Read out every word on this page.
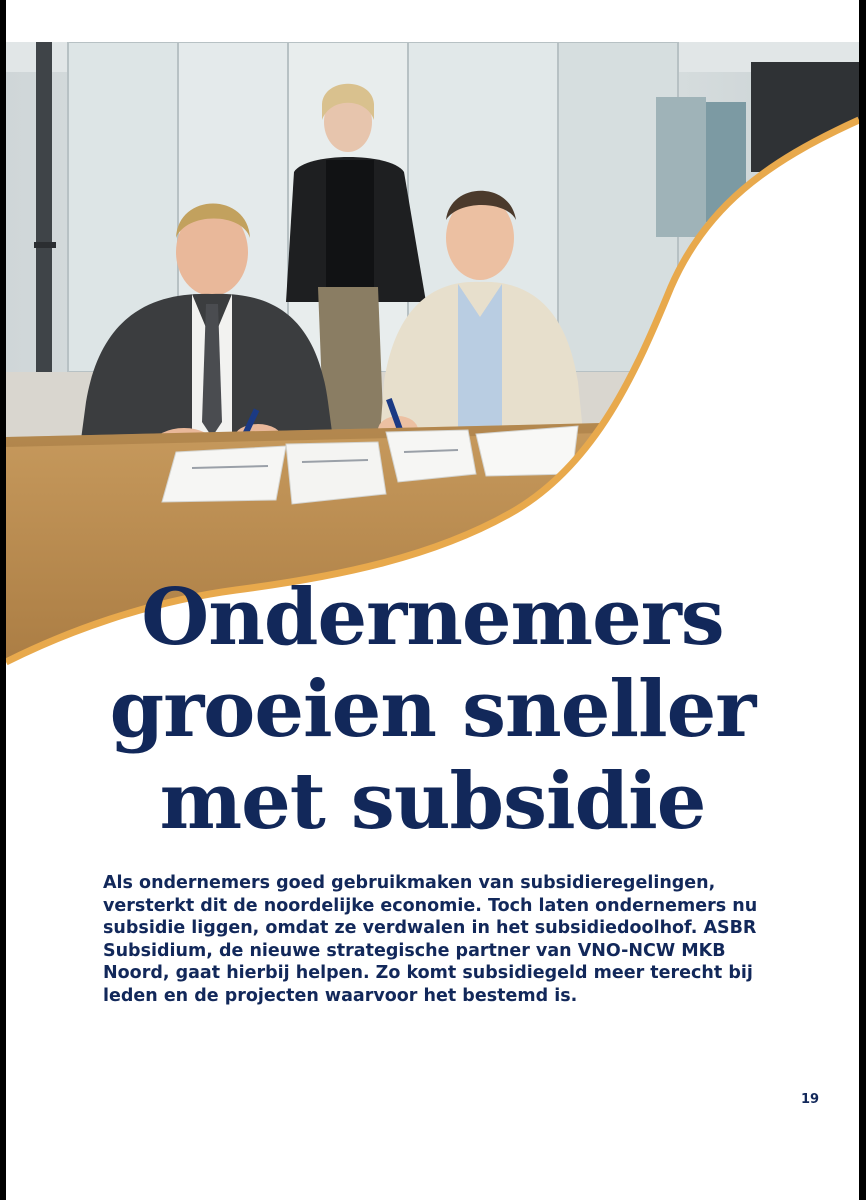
Ondernemers
groeien sneller
met subsidie

Als ondernemers goed gebruikmaken van subsidieregelingen, versterkt dit de noordelijke economie. Toch laten ondernemers nu subsidie liggen, omdat ze verdwalen in het subsidiedoolhof. ASBR Subsidium, de nieuwe strategische partner van VNO-NCW MKB Noord, gaat hierbij helpen. Zo komt subsidiegeld meer terecht bij leden en de projecten waarvoor het bestemd is.

19
